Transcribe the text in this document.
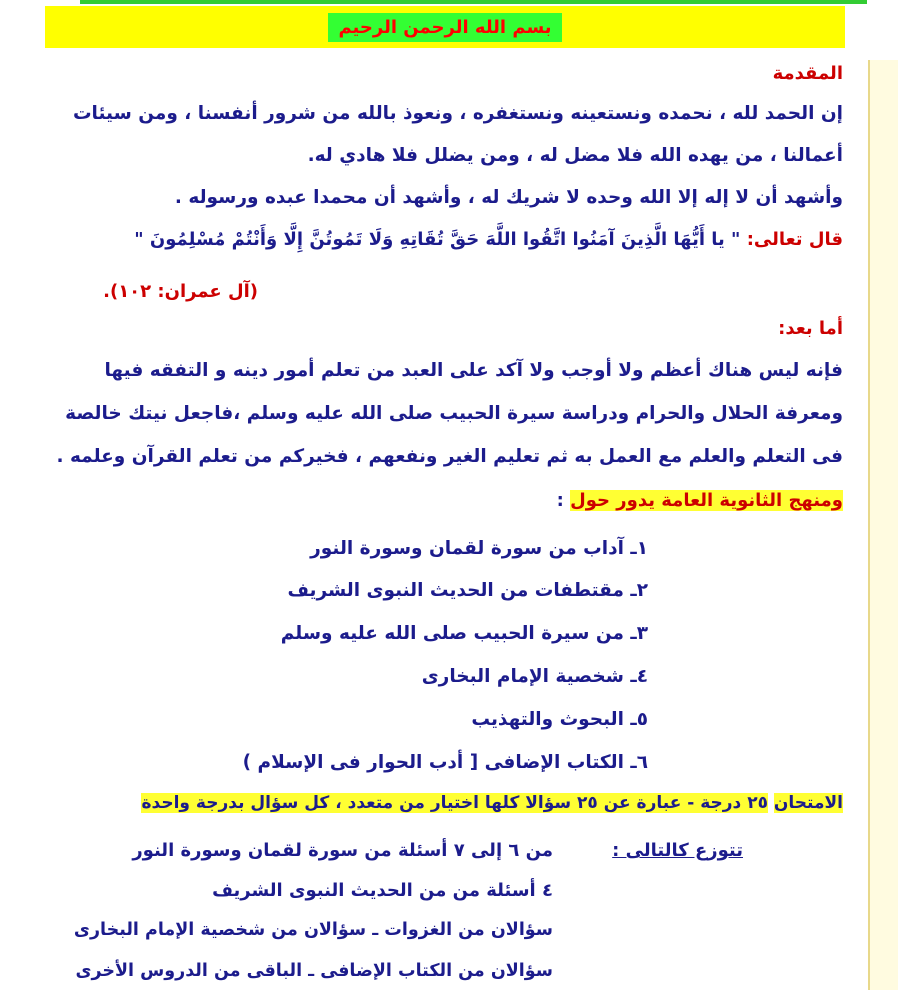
بسم الله الرحمن الرحيم
المقدمة
إن الحمد لله ، نحمده ونستعينه ونستغفره ، ونعوذ بالله من شرور أنفسنا ، ومن سيئات
أعمالنا ، من يهده الله فلا مضل له ، ومن يضلل فلا هادي له.
وأشهد أن لا إله إلا الله وحده لا شريك له ، وأشهد أن محمدا عبده ورسوله .
قال تعالى: " يا أَيُّهَا الَّذِينَ آمَنُوا اتَّقُوا اللَّهَ حَقَّ تُقَاتِهِ وَلَا تَمُوتُنَّ إِلَّا وَأَنْتُمْ مُسْلِمُونَ "
(آل عمران: ١٠٢).
أما بعد:
فإنه ليس هناك أعظم ولا أوجب ولا آكد على العبد من تعلم أمور دينه و التفقه فيها
ومعرفة الحلال والحرام ودراسة سيرة الحبيب صلى الله عليه وسلم ،فاجعل نيتك خالصة
فى التعلم والعلم مع العمل به ثم تعليم الغير ونفعهم ، فخيركم من تعلم القرآن وعلمه .
ومنهج الثانوية العامة يدور حول :
١ـ آداب من سورة لقمان وسورة النور
٢ـ مقتطفات من الحديث النبوى الشريف
٣ـ من سيرة الحبيب صلى الله عليه وسلم
٤ـ شخصية الإمام البخارى
٥ـ البحوث والتهذيب
٦ـ الكتاب الإضافى [ أدب الحوار فى الإسلام )
الامتحان ٢٥ درجة - عبارة عن ٢٥ سؤالا كلها اختيار من متعدد ، كل سؤال بدرجة واحدة
تتوزع كالتالى :
من ٦ إلى ٧ أسئلة من سورة لقمان وسورة النور
٤ أسئلة من من الحديث النبوى الشريف
سؤالان من الغزوات ـ سؤالان من شخصية الإمام البخارى
سؤالان من الكتاب الإضافى ـ الباقى من الدروس الأخرى
